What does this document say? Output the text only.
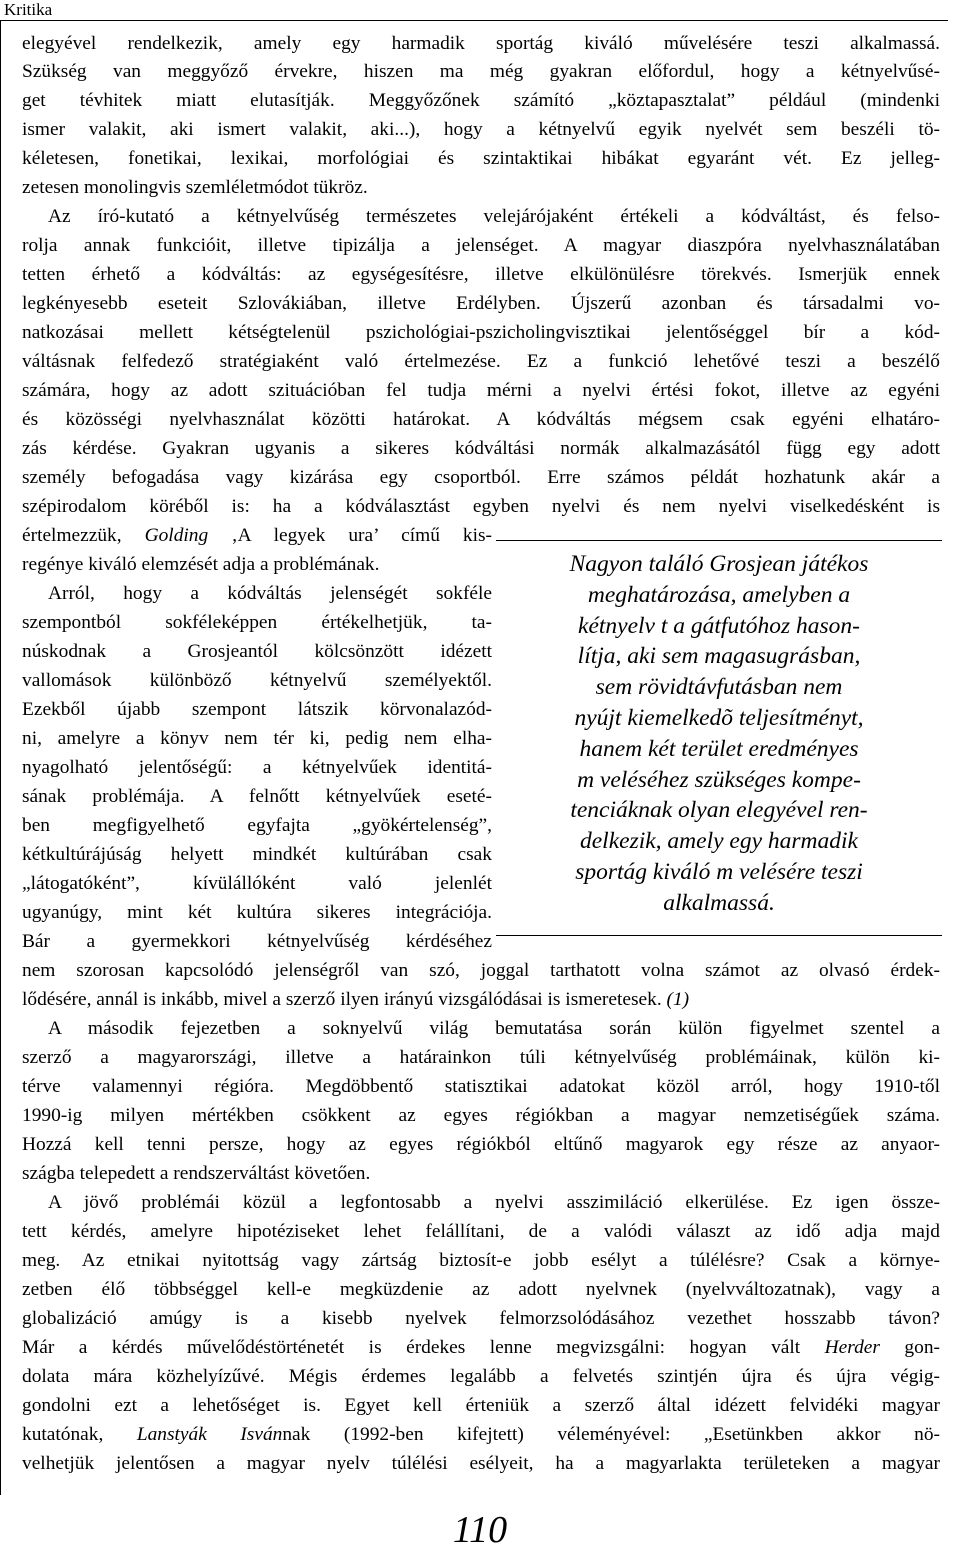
Kritika
elegyével rendelkezik, amely egy harmadik sportág kiváló művelésére teszi alkalmassá.
Szükség van meggyőző érvekre, hiszen ma még gyakran előfordul, hogy a kétnyelvűsé-
get tévhitek miatt elutasítják. Meggyőzőnek számító „köztapasztalat” például (mindenki
ismer valakit, aki ismert valakit, aki...), hogy a kétnyelvű egyik nyelvét sem beszéli tö-
kéletesen, fonetikai, lexikai, morfológiai és szintaktikai hibákat egyaránt vét. Ez jelleg-
zetesen monolingvis szemléletmódot tükröz.
Az író-kutató a kétnyelvűség természetes velejárójaként értékeli a kódváltást, és felso-
rolja annak funkcióit, illetve tipizálja a jelenséget. A magyar diaszpóra nyelvhasználatában
tetten érhető a kódváltás: az egységesítésre, illetve elkülönülésre törekvés. Ismerjük ennek
legkényesebb eseteit Szlovákiában, illetve Erdélyben. Újszerű azonban és társadalmi vo-
natkozásai mellett kétségtelenül pszichológiai-pszicholingvisztikai jelentőséggel bír a kód-
váltásnak felfedező stratégiaként való értelmezése. Ez a funkció lehetővé teszi a beszélő
számára, hogy az adott szituációban fel tudja mérni a nyelvi értési fokot, illetve az egyéni
és közösségi nyelvhasználat közötti határokat. A kódváltás mégsem csak egyéni elhatáro-
zás kérdése. Gyakran ugyanis a sikeres kódváltási normák alkalmazásától függ egy adott
személy befogadása vagy kizárása egy csoportból. Erre számos példát hozhatunk akár a
szépirodalom köréből is: ha a kódválasztást egyben nyelvi és nem nyelvi viselkedésként is
értelmezzük, Golding ‚A legyek ura’ című kis-
regénye kiváló elemzését adja a problémának.
Arról, hogy a kódváltás jelenségét sokféle
szempontból sokféleképpen értékelhetjük, ta-
núskodnak a Grosjeantól kölcsönzött idézett
vallomások különböző kétnyelvű személyektől.
Ezekből újabb szempont látszik körvonalazód-
ni, amelyre a könyv nem tér ki, pedig nem elha-
nyagolható jelentőségű: a kétnyelvűek identitá-
sának problémája. A felnőtt kétnyelvűek eseté-
ben megfigyelhető egyfajta „gyökértelenség”,
kétkultúrájúság helyett mindkét kultúrában csak
„látogatóként”, kívülállóként való jelenlét
ugyanúgy, mint két kultúra sikeres integrációja.
Bár a gyermekkori kétnyelvűség kérdéséhez
nem szorosan kapcsolódó jelenségről van szó, joggal tarthatott volna számot az olvasó érdek-
lődésére, annál is inkább, mivel a szerző ilyen irányú vizsgálódásai is ismeretesek. (1)
A második fejezetben a soknyelvű világ bemutatása során külön figyelmet szentel a
szerző a magyarországi, illetve a határainkon túli kétnyelvűség problémáinak, külön ki-
térve valamennyi régióra. Megdöbbentő statisztikai adatokat közöl arról, hogy 1910-től
1990-ig milyen mértékben csökkent az egyes régiókban a magyar nemzetiségűek száma.
Hozzá kell tenni persze, hogy az egyes régiókból eltűnő magyarok egy része az anyaor-
szágba telepedett a rendszerváltást követően.
A jövő problémái közül a legfontosabb a nyelvi asszimiláció elkerülése. Ez igen össze-
tett kérdés, amelyre hipotéziseket lehet felállítani, de a valódi választ az idő adja majd
meg. Az etnikai nyitottság vagy zártság biztosít-e jobb esélyt a túlélésre? Csak a környe-
zetben élő többséggel kell-e megküzdenie az adott nyelvnek (nyelvváltozatnak), vagy a
globalizáció amúgy is a kisebb nyelvek felmorzsolódásához vezethet hosszabb távon?
Már a kérdés művelődéstörténetét is érdekes lenne megvizsgálni: hogyan vált Herder gon-
dolata mára közhelyízűvé. Mégis érdemes legalább a felvetés szintjén újra és újra végig-
gondolni ezt a lehetőséget is. Egyet kell érteniük a szerző által idézett felvidéki magyar
kutatónak, Lanstyák Isvánnak (1992-ben kifejtett) véleményével: „Esetünkben akkor nö-
velhetjük jelentősen a magyar nyelv túlélési esélyeit, ha a magyarlakta területeken a magyar
Nagyon találó Grosjean játékos
meghatározása, amelyben a
kétnyelv t a gátfutóhoz hason-
lítja, aki sem magasugrásban,
sem rövidtávfutásban nem
nyújt kiemelkedõ teljesítményt,
hanem két terület eredményes
m veléséhez szükséges kompe-
tenciáknak olyan elegyével ren-
delkezik, amely egy harmadik
sportág kiváló m velésére teszi
alkalmassá.
110
